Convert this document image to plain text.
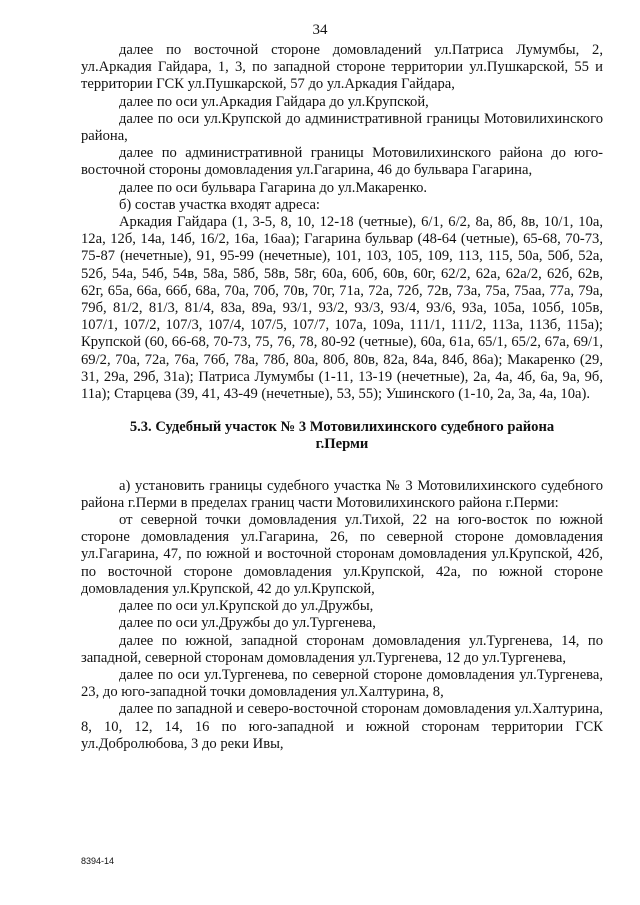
34

далее по восточной стороне домовладений ул.Патриса Лумумбы, 2, ул.Аркадия Гайдара, 1, 3, по западной стороне территории ул.Пушкарской, 55 и территории ГСК ул.Пушкарской, 57 до ул.Аркадия Гайдара,

далее по оси ул.Аркадия Гайдара до ул.Крупской,

далее по оси ул.Крупской до административной границы Мотовилихинского района,

далее по административной границы Мотовилихинского района до юго-восточной стороны домовладения ул.Гагарина, 46 до бульвара Гагарина,

далее по оси бульвара Гагарина до ул.Макаренко.

б) состав участка входят адреса:

Аркадия Гайдара (1, 3-5, 8, 10, 12-18 (четные), 6/1, 6/2, 8а, 8б, 8в, 10/1, 10а, 12а, 12б, 14а, 14б, 16/2, 16а, 16аа); Гагарина бульвар (48-64 (четные), 65-68, 70-73, 75-87 (нечетные), 91, 95-99 (нечетные), 101, 103, 105, 109, 113, 115, 50а, 50б, 52а, 52б, 54а, 54б, 54в, 58а, 58б, 58в, 58г, 60а, 60б, 60в, 60г, 62/2, 62а, 62а/2, 62б, 62в, 62г, 65а, 66а, 66б, 68а, 70а, 70б, 70в, 70г, 71а, 72а, 72б, 72в, 73а, 75а, 75аа, 77а, 79а, 79б, 81/2, 81/3, 81/4, 83а, 89а, 93/1, 93/2, 93/3, 93/4, 93/6, 93а, 105а, 105б, 105в, 107/1, 107/2, 107/3, 107/4, 107/5, 107/7, 107а, 109а, 111/1, 111/2, 113а, 113б, 115а); Крупской (60, 66-68, 70-73, 75, 76, 78, 80-92 (четные), 60а, 61а, 65/1, 65/2, 67а, 69/1, 69/2, 70а, 72а, 76а, 76б, 78а, 78б, 80а, 80б, 80в, 82а, 84а, 84б, 86а); Макаренко (29, 31, 29а, 29б, 31а); Патриса Лумумбы (1-11, 13-19 (нечетные), 2а, 4а, 4б, 6а, 9а, 9б, 11а); Старцева (39, 41, 43-49 (нечетные), 53, 55); Ушинского (1-10, 2а, 3а, 4а, 10а).

5.3. Судебный участок № 3 Мотовилихинского судебного района г.Перми

а) установить границы судебного участка № 3 Мотовилихинского судебного района г.Перми в пределах границ части Мотовилихинского района г.Перми:

от северной точки домовладения ул.Тихой, 22 на юго-восток по южной стороне домовладения ул.Гагарина, 26, по северной стороне домовладения ул.Гагарина, 47, по южной и восточной сторонам домовладения ул.Крупской, 42б, по восточной стороне домовладения ул.Крупской, 42а, по южной стороне домовладения ул.Крупской, 42 до ул.Крупской,

далее по оси ул.Крупской до ул.Дружбы,

далее по оси ул.Дружбы до ул.Тургенева,

далее по южной, западной сторонам домовладения ул.Тургенева, 14, по западной, северной сторонам домовладения ул.Тургенева, 12 до ул.Тургенева,

далее по оси ул.Тургенева, по северной стороне домовладения ул.Тургенева, 23, до юго-западной точки домовладения ул.Халтурина, 8,

далее по западной и северо-восточной сторонам домовладения ул.Халтурина, 8, 10, 12, 14, 16 по юго-западной и южной сторонам территории ГСК ул.Добролюбова, 3 до реки Ивы,

8394-14
